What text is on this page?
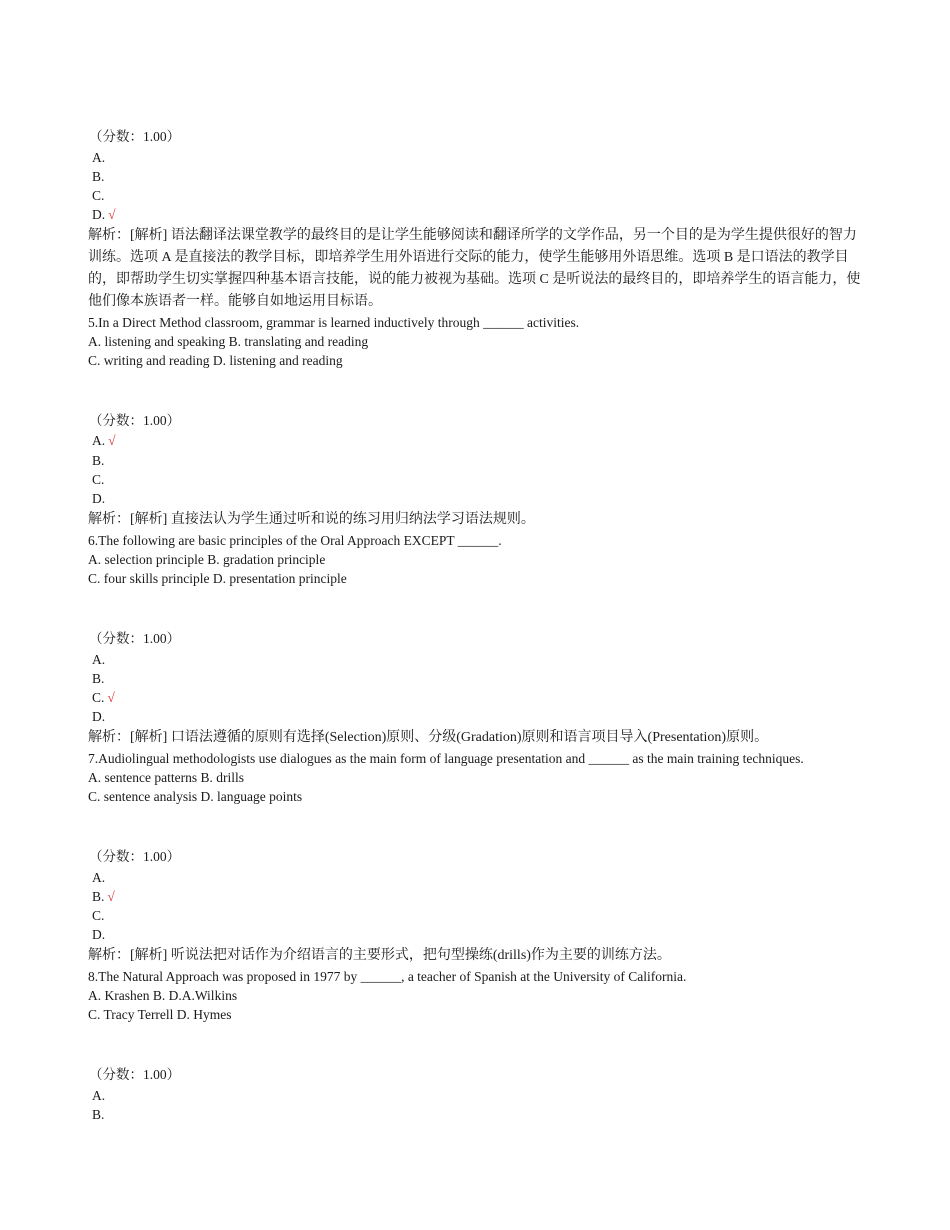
（分数：1.00）
A.
B.
C.
D. √
解析：[解析] 语法翻译法课堂教学的最终目的是让学生能够阅读和翻译所学的文学作品，另一个目的是为学生提供很好的智力训练。选项 A 是直接法的教学目标，即培养学生用外语进行交际的能力，使学生能够用外语思维。选项 B 是口语法的教学目的，即帮助学生切实掌握四种基本语言技能，说的能力被视为基础。选项 C 是听说法的最终目的，即培养学生的语言能力，使他们像本族语者一样。能够自如地运用目标语。
5.In a Direct Method classroom, grammar is learned inductively through ______ activities.
A. listening and speaking B. translating and reading
C. writing and reading D. listening and reading
（分数：1.00）
A. √
B.
C.
D.
解析：[解析] 直接法认为学生通过听和说的练习用归纳法学习语法规则。
6.The following are basic principles of the Oral Approach EXCEPT ______.
A. selection principle B. gradation principle
C. four skills principle D. presentation principle
（分数：1.00）
A.
B.
C. √
D.
解析：[解析] 口语法遵循的原则有选择(Selection)原则、分级(Gradation)原则和语言项目导入(Presentation)原则。
7.Audiolingual methodologists use dialogues as the main form of language presentation and ______ as the main training techniques.
A. sentence patterns B. drills
C. sentence analysis D. language points
（分数：1.00）
A.
B. √
C.
D.
解析：[解析] 听说法把对话作为介绍语言的主要形式，把句型操练(drills)作为主要的训练方法。
8.The Natural Approach was proposed in 1977 by ______, a teacher of Spanish at the University of California.
A. Krashen B. D.A.Wilkins
C. Tracy Terrell D. Hymes
（分数：1.00）
A.
B.
